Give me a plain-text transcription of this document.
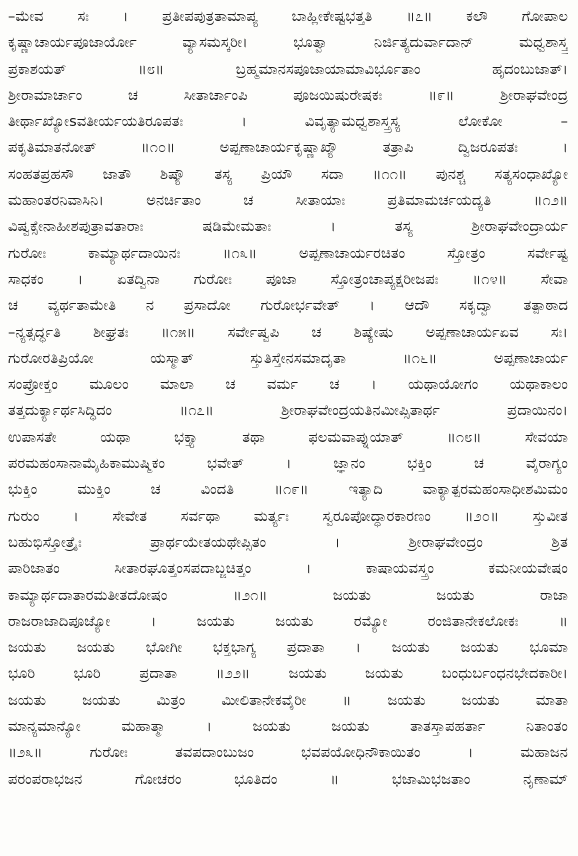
–ಮೇವ ಸಃ । ಪ್ರತೀಪಪುತ್ರತಾಮಾಪ್ಯ ಬಾಹ್ಲೀಕೇಷ್ಟಭತ್ತತಿ ॥೭॥ ಕಲೌ ಗೋಪಾಲ
ಕೃಷ್ಣಾಚಾರ್ಯಪೂಜಾರ್ಯೋ ವ್ಯಾಸಮಸ್ಕರೀ। ಭೂತ್ವಾ ನಿರ್ಜಿತ್ಯದುರ್ವಾದಾನ್ ಮಧ್ವಶಾಸ್ತ್ರ
ಪ್ರಕಾಶಯತ್ ॥೮॥ ಬ್ರಹ್ಮಮಾನಸಪೂಜಾಯಾಮಾವಿರ್ಭೂತಾಂ ಹೃದಂಬುಜಾತ್।
ಶ್ರೀರಾಮಾರ್ಚಾಂ ಚ ಸೀತಾರ್ಚಾಂಪಿ ಪೂಜಯಿಷುರೇಷಕಃ ॥೯॥ ಶ್ರೀರಾಘವೇಂದ್ರ
ತೀರ್ಥಾಖ್ಯೋsವತೀರ್ಯಯತಿರೂಪತಃ । ವಿವೃತ್ಯಾಮಧ್ವಶಾಸ್ತ್ರಸ್ಯ ಲೋಕೋ –
ಪಕೃತಿಮಾತನೋತ್ ॥೧೦॥ ಅಪ್ಪಣಾಚಾರ್ಯಕೃಷ್ಣಾಖ್ಯೌ ತತ್ರಾಪಿ ದ್ವಿಜರೂಪತಃ ।
ಸಂಹತಪ್ರಹಸೌ ಜಾತೌ ಶಿಷ್ಯೌ ತಸ್ಯ ಪ್ರಿಯೌ ಸದಾ ॥೧೧॥ ಪುನಶ್ಚ ಸತ್ಯಸಂಧಾಖ್ಯೋ
ಮಹಾಂತರನಿವಾಸಿನಿ। ಅನರ್ಚಿತಾಂ ಚ ಸೀತಾಯಾಃ ಪ್ರತಿಮಾಮರ್ಚಯದ್ಯತಿ ॥೧೨॥
ವಿಷ್ವಕ್ಸೇನಾಹೀಶಪುತ್ರಾವತಾರಾಃ ಷಡಿಮೇಮತಾಃ । ತಸ್ಯ ಶ್ರೀರಾಘವೇಂದ್ರಾರ್ಯ
ಗುರೋಃ ಕಾಮ್ಯಾರ್ಥದಾಯಿನಃ ॥೧೩॥ ಅಪ್ಪಣಾಚಾರ್ಯರಚಿತಂ ಸ್ತೋತ್ರಂ ಸರ್ವೇಷ್ಟ
ಸಾಧಕಂ । ಏತದ್ವಿನಾ ಗುರೋಃ ಪೂಜಾ ಸ್ತೋತ್ರಂಚಾಪ್ಯಕ್ಷರೀಜಪಃ ॥೧೪॥ ಸೇವಾ
ಚ ವ್ಯರ್ಥತಾಮೇತಿ ನ ಪ್ರಸಾದೋ ಗುರೋರ್ಭವೇತ್ । ಆದೌ ಸಕೃದ್ವಾ ತತ್ಪಾಠಾದ
–ನ್ಯತ್ಸರ್ದ್ಧತಿ ಶೀಘ್ರತಃ ॥೧೫॥ ಸರ್ವೇಷ್ವಪಿ ಚ ಶಿಷ್ಯೇಷು ಅಪ್ಪಣಾಚಾರ್ಯಏವ ಸಃ।
ಗುರೋರತಿಪ್ರಿಯೋ ಯಸ್ಮಾತ್ ಸ್ತುತಿಸ್ತೇನಸಮಾದೃತಾ ॥೧೬॥ ಅಪ್ಪಣಾಚಾರ್ಯ
ಸಂಪ್ರೋಕ್ತಂ ಮೂಲಂ ಮಾಲಾ ಚ ವರ್ಮ ಚ । ಯಥಾಯೋಗಂ ಯಥಾಕಾಲಂ
ತತ್ತದುರ್ಕ್ಯಾರ್ಥಸಿದ್ಧಿದಂ ॥೧೭॥ ಶ್ರೀರಾಘವೇಂದ್ರಯತಿನಮೀಪ್ಸಿತಾರ್ಥ ಪ್ರದಾಯಿನಂ।
ಉಪಾಸತೇ ಯಥಾ ಭಕ್ತ್ಯಾ ತಥಾ ಫಲಮವಾಪ್ನುಯಾತ್ ॥೧೮॥ ಸೇವಯಾ
ಪರಮಹಂಸಾನಾಮೈಹಿಕಾಮುಷ್ಮಿಕಂ ಭವೇತ್ । ಜ್ಞಾನಂ ಭಕ್ತಿಂ ಚ ವೈರಾಗ್ಯಂ
ಭುಕ್ತಿಂ ಮುಕ್ತಿಂ ಚ ವಿಂದತಿ ॥೧೯॥ ಇತ್ಯಾದಿ ವಾಕ್ಯಾತ್ಪರಮಹಂಸಾಧೀಶಮಿಮಂ
ಗುರುಂ । ಸೇವೇತ ಸರ್ವಥಾ ಮರ್ತ್ಯಃ ಸ್ವರೂಪೋದ್ಧಾರಕಾರಣಂ ॥೨೦॥ ಸ್ತುವೀತ
ಬಹುಭಿಸ್ತೋತ್ರೈಃ ಪ್ರಾರ್ಥಯೇತಯಥೇಪ್ಸಿತಂ । ಶ್ರೀರಾಘವೇಂದ್ರಂ ಶ್ರಿತ
ಪಾರಿಜಾತಂ ಸೀತಾರಘೂತ್ತಂಸಪದಾಬ್ಜಚಿತ್ತಂ । ಕಾಷಾಯವಸ್ತ್ರಂ ಕಮನೀಯವೇಷಂ
ಕಾಮ್ಯಾರ್ಥದಾತಾರಮತೀತದೋಷಂ ॥೨೧॥ ಜಯತು ಜಯತು ರಾಜಾ
ರಾಜರಾಜಾದಿಪೂಜ್ಯೋ । ಜಯತು ಜಯತು ರಮ್ಯೋ ರಂಜಿತಾನೇಕಲೋಕಃ ॥
ಜಯತು ಜಯತು ಭೋಗೀ ಭಕ್ತಭಾಗ್ಯ ಪ್ರದಾತಾ । ಜಯತು ಜಯತು ಭೂಮಾ
ಭೂರಿ ಭೂರಿ ಪ್ರದಾತಾ ॥೨೨॥ ಜಯತು ಜಯತು ಬಂಧುರ್ಬಂಧನಭೇದಕಾರೀ।
ಜಯತು ಜಯತು ಮಿತ್ರಂ ಮೀಲಿತಾನೇಕವೈರೀ ॥ ಜಯತು ಜಯತು ಮಾತಾ
ಮಾನ್ಯಮಾನ್ಯೋ ಮಹಾತ್ಮಾ । ಜಯತು ಜಯತು ತಾತಸ್ತಾಪಹರ್ತಾ ನಿತಾಂತಂ
॥೨೩॥ ಗುರೋಃ ತವಪದಾಂಬುಜಂ ಭವಪಯೋಧಿನೌಕಾಯಿತಂ । ಮಹಾಜನ
ಪರಂಪರಾಭಜನ ಗೋಚರಂ ಭೂತಿದಂ ॥ ಭಜಾಮಿಭಜತಾಂ ನೃಣಾಮ್
